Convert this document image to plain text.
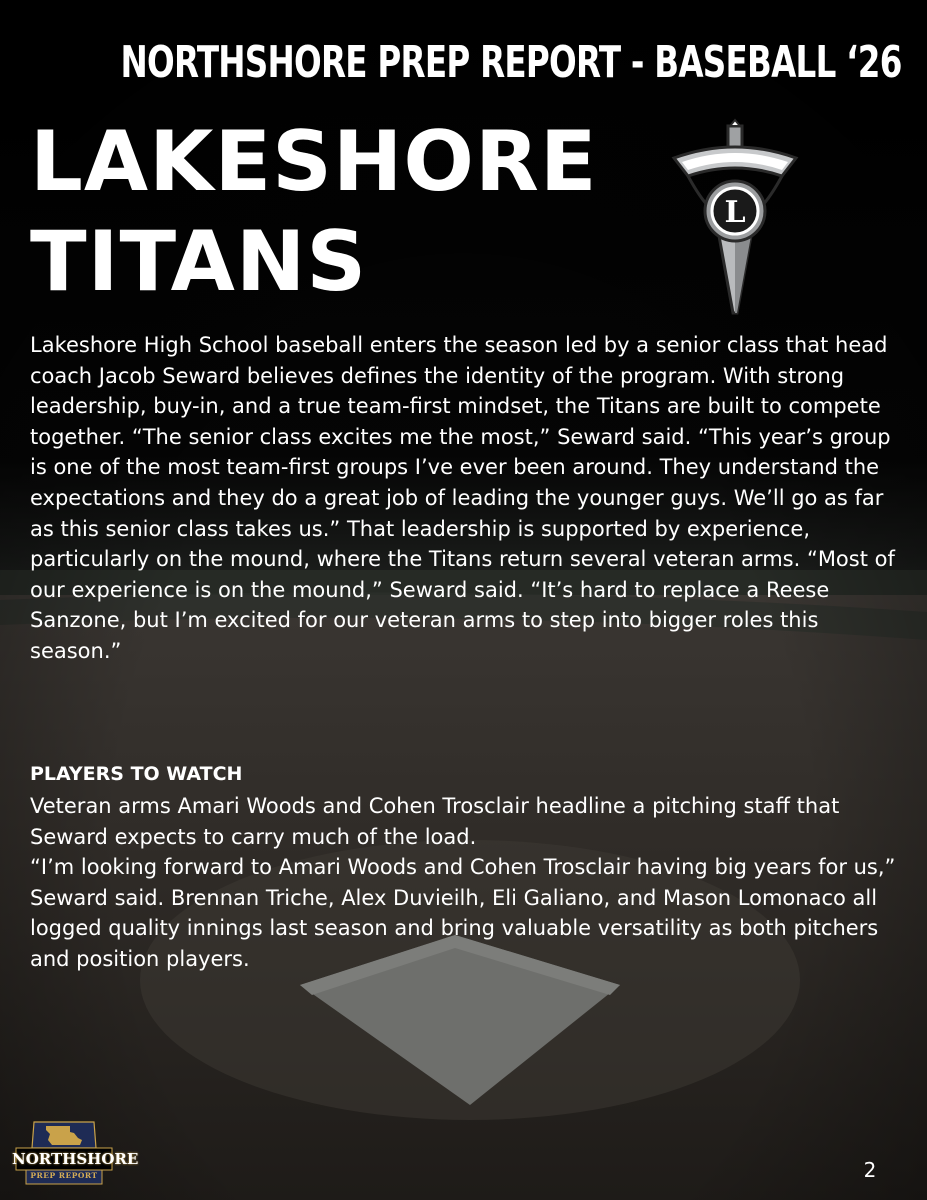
NORTHSHORE PREP REPORT - BASEBALL ‘26
LAKESHORE
TITANS
L

Lakeshore High School baseball enters the season led by a senior class that head coach Jacob Seward believes defines the identity of the program. With strong leadership, buy-in, and a true team-first mindset, the Titans are built to compete together. “The senior class excites me the most,” Seward said. “This year’s group is one of the most team-first groups I’ve ever been around. They understand the expectations and they do a great job of leading the younger guys. We’ll go as far as this senior class takes us.” That leadership is supported by experience, particularly on the mound, where the Titans return several veteran arms. “Most of our experience is on the mound,” Seward said. “It’s hard to replace a Reese Sanzone, but I’m excited for our veteran arms to step into bigger roles this season.”

PLAYERS TO WATCH

Veteran arms Amari Woods and Cohen Trosclair headline a pitching staff that Seward expects to carry much of the load.

“I’m looking forward to Amari Woods and Cohen Trosclair having big years for us,” Seward said. Brennan Triche, Alex Duvieilh, Eli Galiano, and Mason Lomonaco all logged quality innings last season and bring valuable versatility as both pitchers and position players.

NORTHSHORE
PREP REPORT	2
